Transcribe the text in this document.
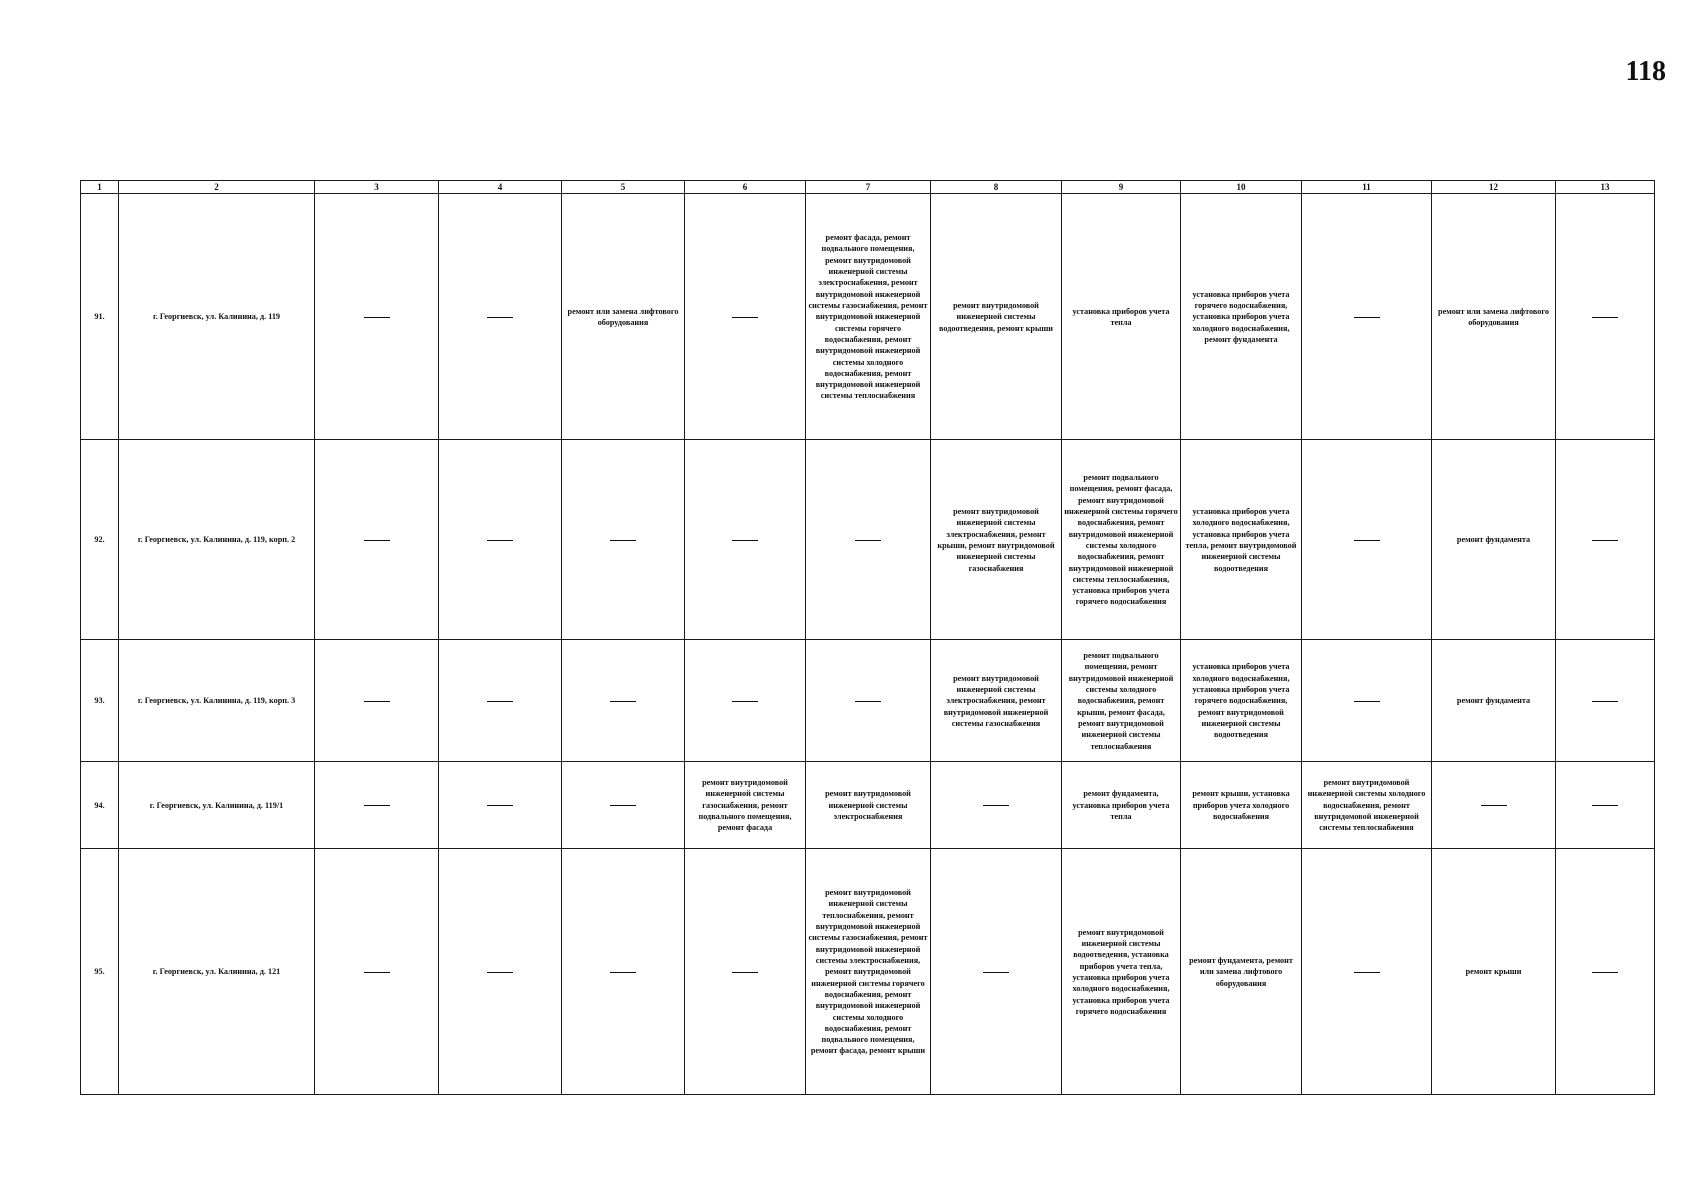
118
1	2	3	4	5	6	7	8	9	10	11	12	13
91.	г. Георгиевск, ул. Калинина, д. 119			ремонт или замена лифтового оборудования		ремонт фасада, ремонт подвального помещения, ремонт внутридомовой инженерной системы электроснабжения, ремонт внутридомовой инженерной системы газоснабжения, ремонт внутридомовой инженерной системы горячего водоснабжения, ремонт внутридомовой инженерной системы холодного водоснабжения, ремонт внутридомовой инженерной системы теплоснабжения	ремонт внутридомовой инженерной системы водоотведения, ремонт крыши	установка приборов учета тепла	установка приборов учета горячего водоснабжения, установка приборов учета холодного водоснабжения, ремонт фундамента		ремонт или замена лифтового оборудования	
92.	г. Георгиевск, ул. Калинина, д. 119, корп. 2						ремонт внутридомовой инженерной системы электроснабжения, ремонт крыши, ремонт внутридомовой инженерной системы газоснабжения	ремонт подвального помещения, ремонт фасада, ремонт внутридомовой инженерной системы горячего водоснабжения, ремонт внутридомовой инженерной системы холодного водоснабжения, ремонт внутридомовой инженерной системы теплоснабжения, установка приборов учета горячего водоснабжения	установка приборов учета холодного водоснабжения, установка приборов учета тепла, ремонт внутридомовой инженерной системы водоотведения		ремонт фундамента	
93.	г. Георгиевск, ул. Калинина, д. 119, корп. 3						ремонт внутридомовой инженерной системы электроснабжения, ремонт внутридомовой инженерной системы газоснабжения	ремонт подвального помещения, ремонт внутридомовой инженерной системы холодного водоснабжения, ремонт крыши, ремонт фасада, ремонт внутридомовой инженерной системы теплоснабжения	установка приборов учета холодного водоснабжения, установка приборов учета горячего водоснабжения, ремонт внутридомовой инженерной системы водоотведения		ремонт фундамента	
94.	г. Георгиевск, ул. Калинина, д. 119/1				ремонт внутридомовой инженерной системы газоснабжения, ремонт подвального помещения, ремонт фасада	ремонт внутридомовой инженерной системы электроснабжения		ремонт фундамента, установка приборов учета тепла	ремонт крыши, установка приборов учета холодного водоснабжения	ремонт внутридомовой инженерной системы холодного водоснабжения, ремонт внутридомовой инженерной системы теплоснабжения		
95.	г. Георгиевск, ул. Калинина, д. 121					ремонт внутридомовой инженерной системы теплоснабжения, ремонт внутридомовой инженерной системы газоснабжения, ремонт внутридомовой инженерной системы электроснабжения, ремонт внутридомовой инженерной системы горячего водоснабжения, ремонт внутридомовой инженерной системы холодного водоснабжения, ремонт подвального помещения, ремонт фасада, ремонт крыши		ремонт внутридомовой инженерной системы водоотведения, установка приборов учета тепла, установка приборов учета холодного водоснабжения, установка приборов учета горячего водоснабжения	ремонт фундамента, ремонт или замена лифтового оборудования		ремонт крыши	
